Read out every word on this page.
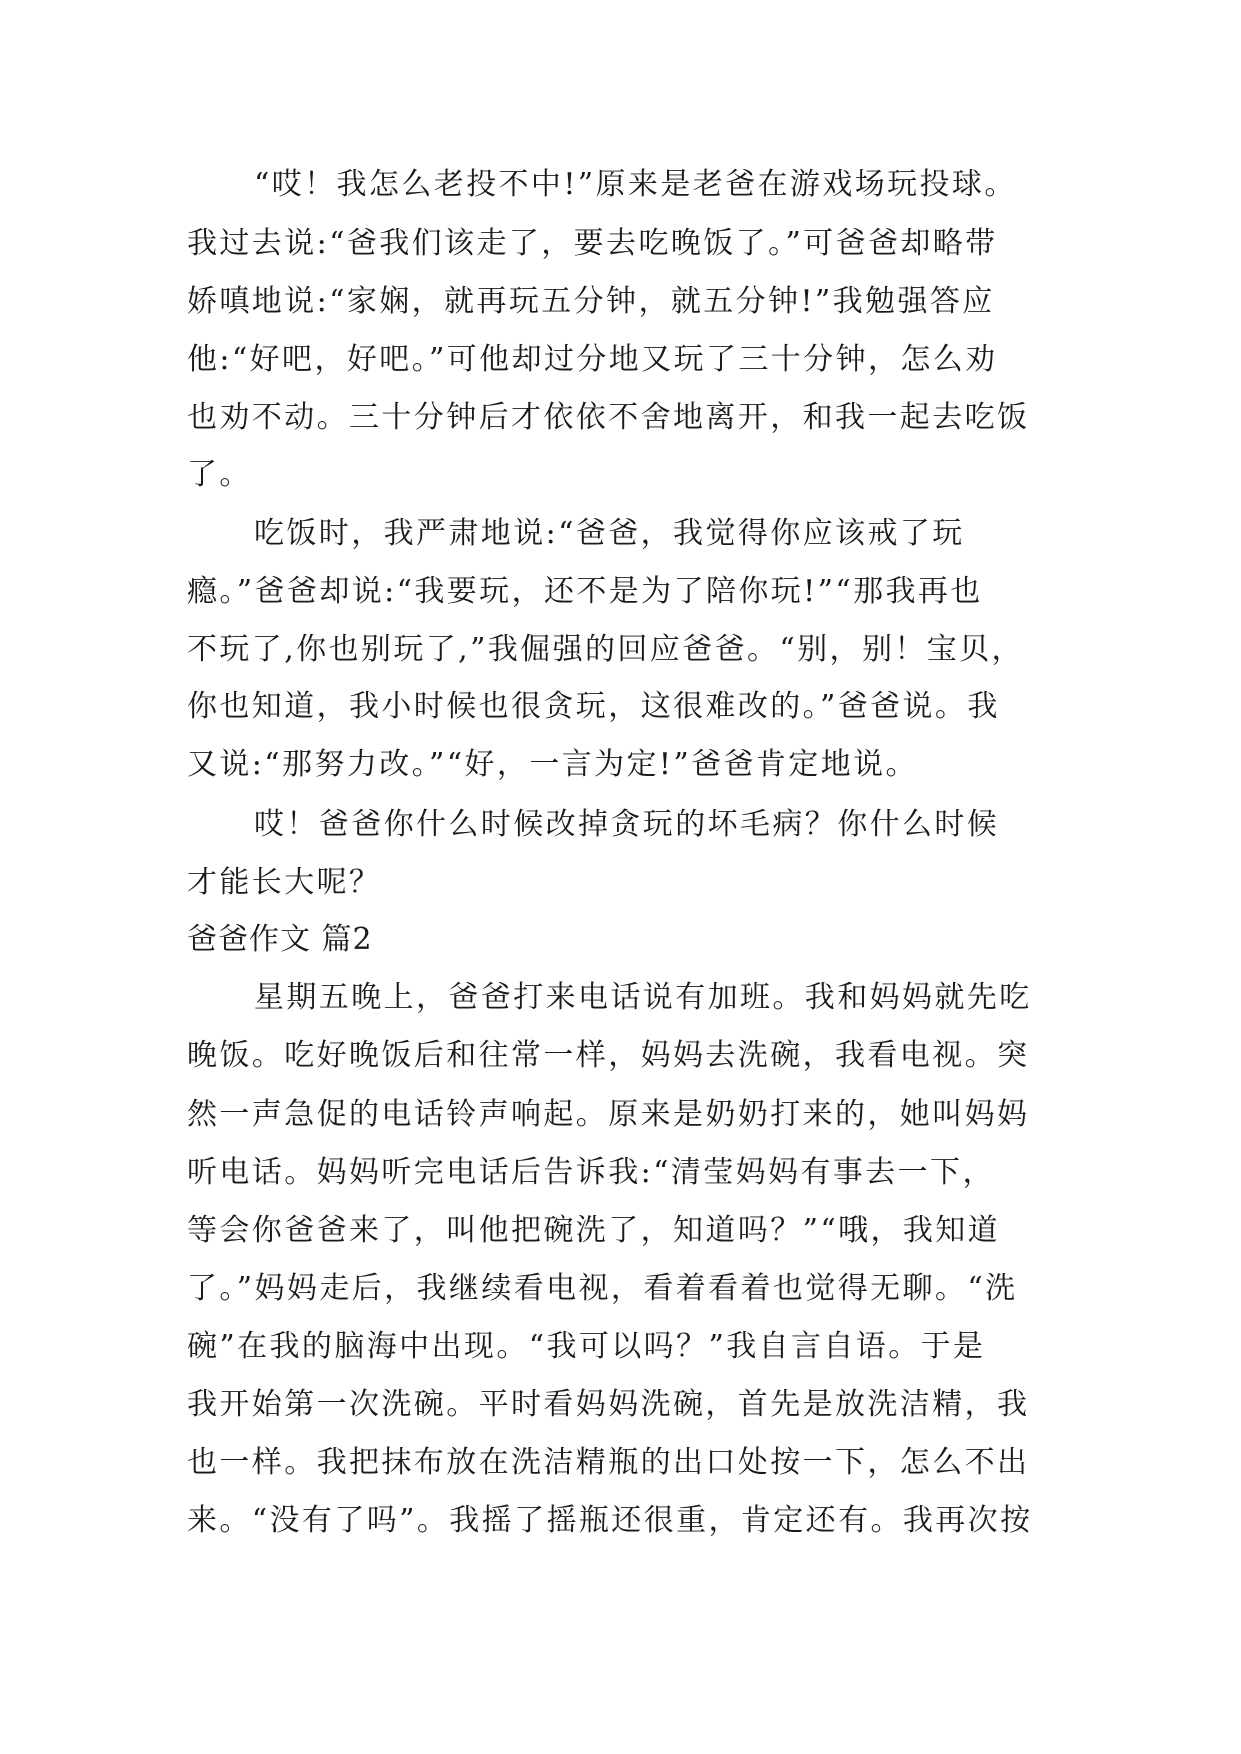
“哎！我怎么老投不中!”原来是老爸在游戏场玩投球。
我过去说:“爸我们该走了，要去吃晚饭了。”可爸爸却略带
娇嗔地说:“家娴，就再玩五分钟，就五分钟!”我勉强答应
他:“好吧，好吧。”可他却过分地又玩了三十分钟，怎么劝
也劝不动。三十分钟后才依依不舍地离开，和我一起去吃饭
了。
吃饭时，我严肃地说:“爸爸，我觉得你应该戒了玩
瘾。”爸爸却说:“我要玩，还不是为了陪你玩!”“那我再也
不玩了,你也别玩了,”我倔强的回应爸爸。“别，别！宝贝，
你也知道，我小时候也很贪玩，这很难改的。”爸爸说。我
又说:“那努力改。”“好，一言为定!”爸爸肯定地说。
哎！爸爸你什么时候改掉贪玩的坏毛病？你什么时候
才能长大呢？
爸爸作文 篇2
星期五晚上，爸爸打来电话说有加班。我和妈妈就先吃
晚饭。吃好晚饭后和往常一样，妈妈去洗碗，我看电视。突
然一声急促的电话铃声响起。原来是奶奶打来的，她叫妈妈
听电话。妈妈听完电话后告诉我:“清莹妈妈有事去一下，
等会你爸爸来了，叫他把碗洗了，知道吗？”“哦，我知道
了。”妈妈走后，我继续看电视，看着看着也觉得无聊。“洗
碗”在我的脑海中出现。“我可以吗？”我自言自语。于是
我开始第一次洗碗。平时看妈妈洗碗，首先是放洗洁精，我
也一样。我把抹布放在洗洁精瓶的出口处按一下，怎么不出
来。“没有了吗”。我摇了摇瓶还很重，肯定还有。我再次按
